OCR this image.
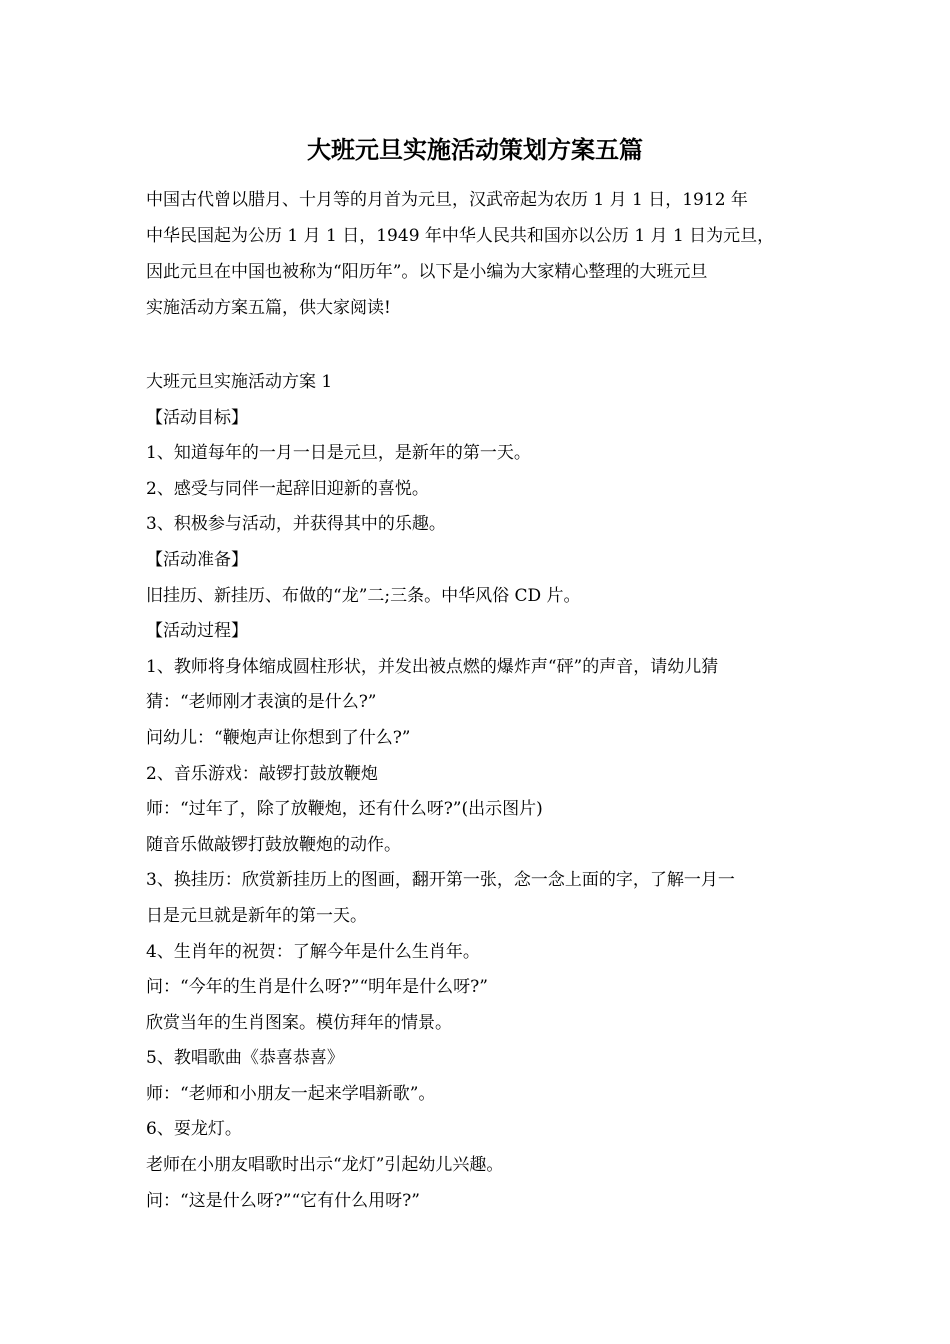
大班元旦实施活动策划方案五篇

中国古代曾以腊月、十月等的月首为元旦，汉武帝起为农历 1 月 1 日，1912 年

中华民国起为公历 1 月 1 日，1949 年中华人民共和国亦以公历 1 月 1 日为元旦，

因此元旦在中国也被称为“阳历年”。以下是小编为大家精心整理的大班元旦

实施活动方案五篇，供大家阅读!

大班元旦实施活动方案 1

【活动目标】

1、知道每年的一月一日是元旦，是新年的第一天。

2、感受与同伴一起辞旧迎新的喜悦。

3、积极参与活动，并获得其中的乐趣。

【活动准备】

旧挂历、新挂历、布做的“龙”二;三条。中华风俗 CD 片。

【活动过程】

1、教师将身体缩成圆柱形状，并发出被点燃的爆炸声“砰”的声音，请幼儿猜

猜：“老师刚才表演的是什么?”

问幼儿：“鞭炮声让你想到了什么?”

2、音乐游戏：敲锣打鼓放鞭炮

师：“过年了，除了放鞭炮，还有什么呀?”(出示图片)

随音乐做敲锣打鼓放鞭炮的动作。

3、换挂历：欣赏新挂历上的图画，翻开第一张，念一念上面的字，了解一月一

日是元旦就是新年的第一天。

4、生肖年的祝贺：了解今年是什么生肖年。

问：“今年的生肖是什么呀?”“明年是什么呀?”

欣赏当年的生肖图案。模仿拜年的情景。

5、教唱歌曲《恭喜恭喜》

师：“老师和小朋友一起来学唱新歌”。

6、耍龙灯。

老师在小朋友唱歌时出示“龙灯”引起幼儿兴趣。

问：“这是什么呀?”“它有什么用呀?”
